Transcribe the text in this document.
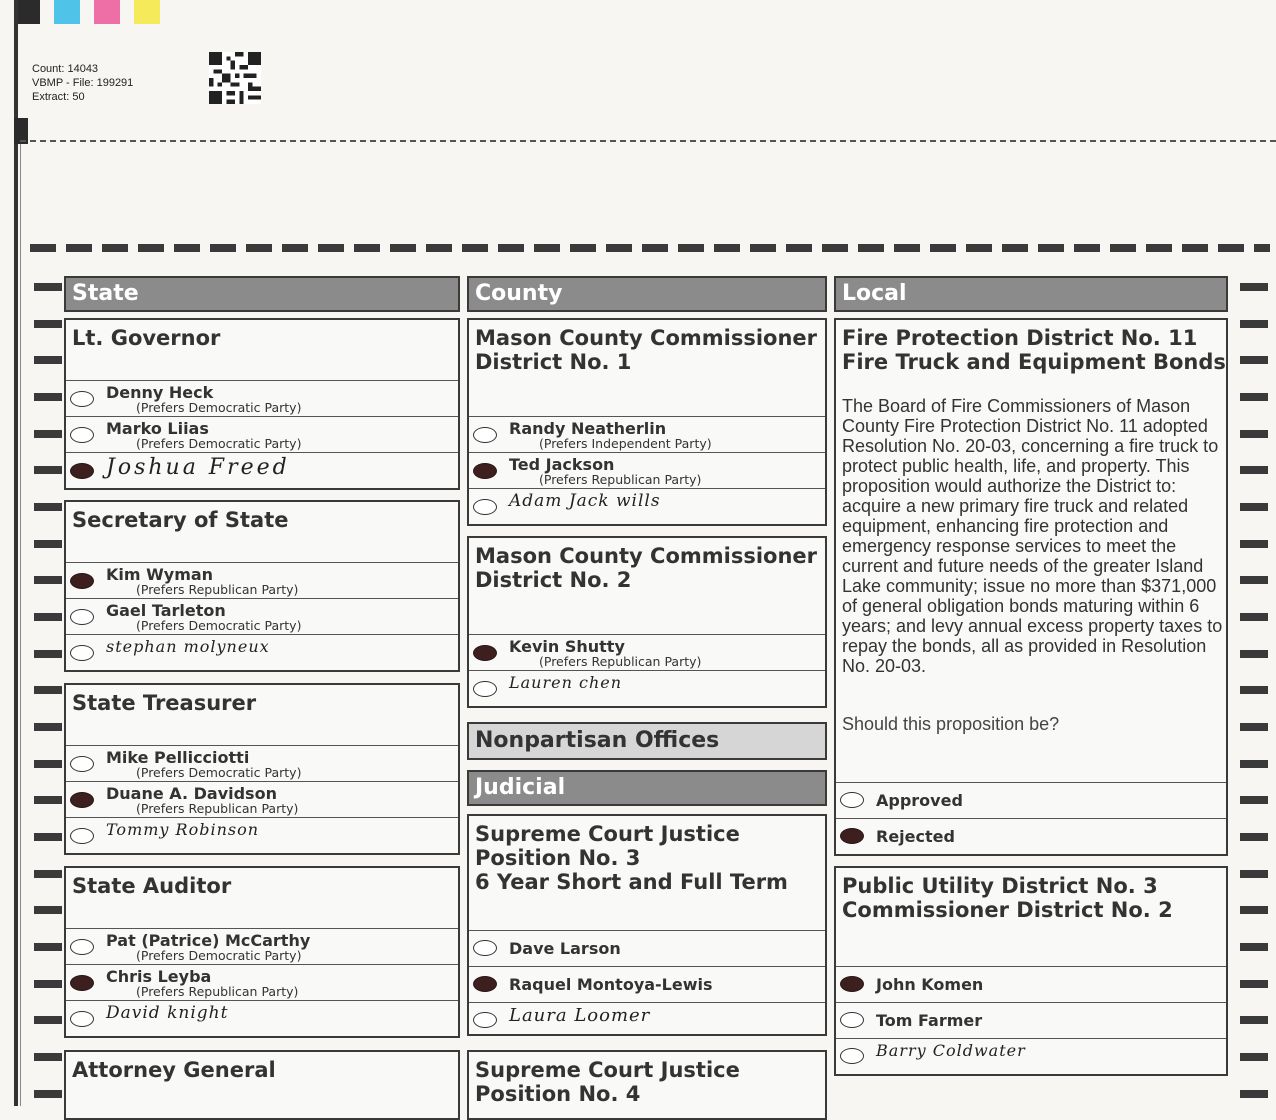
Count: 14043
VBMP - File: 199291
Extract: 50
State
Lt. Governor
Denny Heck
(Prefers Democratic Party)
Marko Liias
(Prefers Democratic Party)
Joshua Freed
Secretary of State
Kim Wyman
(Prefers Republican Party)
Gael Tarleton
(Prefers Democratic Party)
stephan molyneux
State Treasurer
Mike Pellicciotti
(Prefers Democratic Party)
Duane A. Davidson
(Prefers Republican Party)
Tommy Robinson
State Auditor
Pat (Patrice) McCarthy
(Prefers Democratic Party)
Chris Leyba
(Prefers Republican Party)
David knight
Attorney General
County
Mason County Commissioner
District No. 1
Randy Neatherlin
(Prefers Independent Party)
Ted Jackson
(Prefers Republican Party)
Adam Jack wills
Mason County Commissioner
District No. 2
Kevin Shutty
(Prefers Republican Party)
Lauren chen
Nonpartisan Offices
Judicial
Supreme Court Justice
Position No. 3
6 Year Short and Full Term
Dave Larson
Raquel Montoya-Lewis
Laura Loomer
Supreme Court Justice
Position No. 4
Local
Fire Protection District No. 11
Fire Truck and Equipment Bonds
The Board of Fire Commissioners of Mason County Fire Protection District No. 11 adopted Resolution No. 20-03, concerning a fire truck to protect public health, life, and property. This proposition would authorize the District to: acquire a new primary fire truck and related equipment, enhancing fire protection and emergency response services to meet the current and future needs of the greater Island Lake community; issue no more than $371,000 of general obligation bonds maturing within 6 years; and levy annual excess property taxes to repay the bonds, all as provided in Resolution No. 20-03.
Should this proposition be?
Approved
Rejected
Public Utility District No. 3
Commissioner District No. 2
John Komen
Tom Farmer
Barry Coldwater
